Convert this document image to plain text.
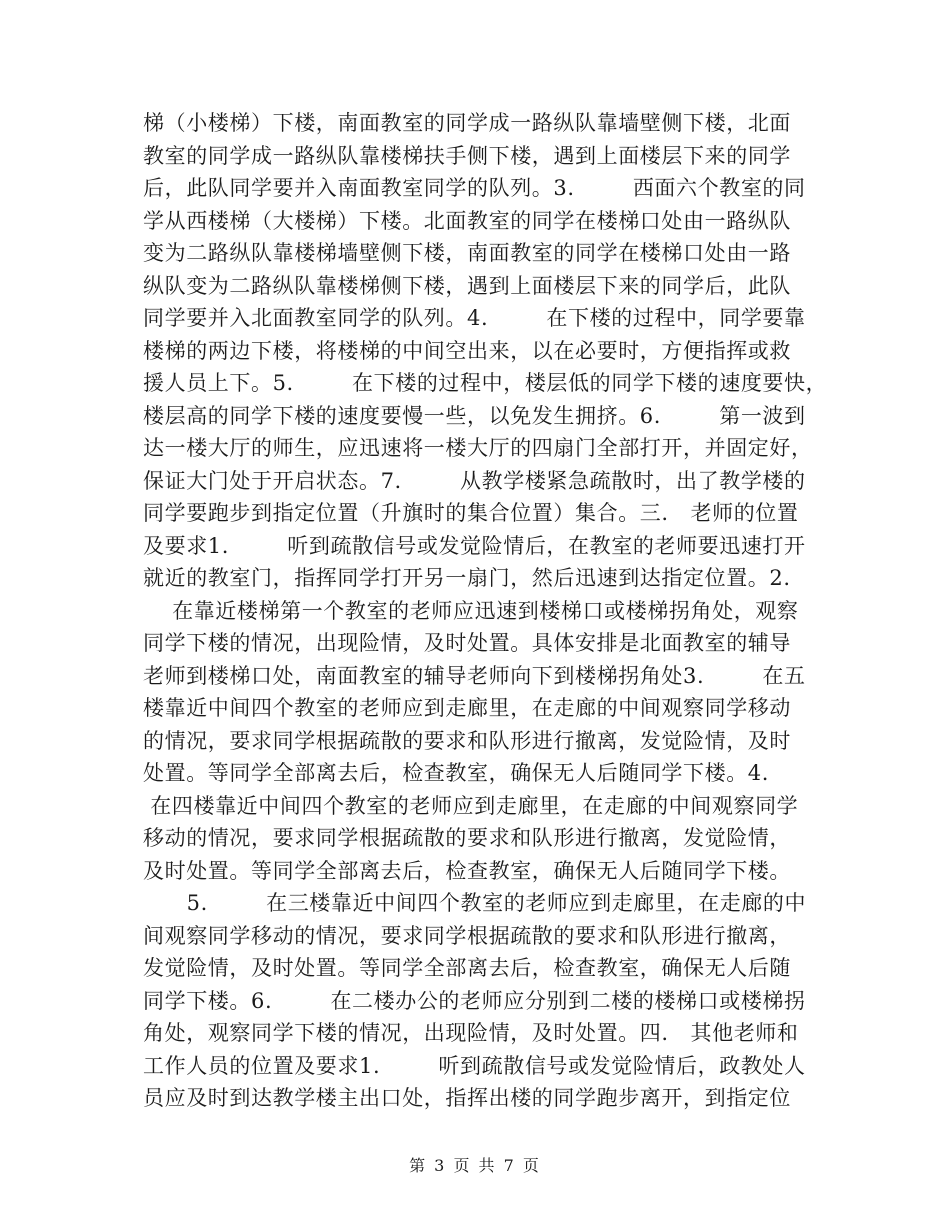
梯（小楼梯）下楼，南面教室的同学成一路纵队靠墙壁侧下楼，北面
教室的同学成一路纵队靠楼梯扶手侧下楼，遇到上面楼层下来的同学
后，此队同学要并入南面教室同学的队列。3.        西面六个教室的同
学从西楼梯（大楼梯）下楼。北面教室的同学在楼梯口处由一路纵队
变为二路纵队靠楼梯墙壁侧下楼，南面教室的同学在楼梯口处由一路
纵队变为二路纵队靠楼梯侧下楼，遇到上面楼层下来的同学后，此队
同学要并入北面教室同学的队列。4.        在下楼的过程中，同学要靠
楼梯的两边下楼，将楼梯的中间空出来，以在必要时，方便指挥或救
援人员上下。5.        在下楼的过程中，楼层低的同学下楼的速度要快，
楼层高的同学下楼的速度要慢一些，以免发生拥挤。6.        第一波到
达一楼大厅的师生，应迅速将一楼大厅的四扇门全部打开，并固定好，
保证大门处于开启状态。7.        从教学楼紧急疏散时，出了教学楼的
同学要跑步到指定位置（升旗时的集合位置）集合。三.   老师的位置
及要求1.        听到疏散信号或发觉险情后，在教室的老师要迅速打开
就近的教室门，指挥同学打开另一扇门，然后迅速到达指定位置。2.
在靠近楼梯第一个教室的老师应迅速到楼梯口或楼梯拐角处，观察
同学下楼的情况，出现险情，及时处置。具体安排是北面教室的辅导
老师到楼梯口处，南面教室的辅导老师向下到楼梯拐角处3.        在五
楼靠近中间四个教室的老师应到走廊里，在走廊的中间观察同学移动
的情况，要求同学根据疏散的要求和队形进行撤离，发觉险情，及时
处置。等同学全部离去后，检查教室，确保无人后随同学下楼。4.
在四楼靠近中间四个教室的老师应到走廊里，在走廊的中间观察同学
移动的情况，要求同学根据疏散的要求和队形进行撤离，发觉险情，
及时处置。等同学全部离去后，检查教室，确保无人后随同学下楼。
5.        在三楼靠近中间四个教室的老师应到走廊里，在走廊的中
间观察同学移动的情况，要求同学根据疏散的要求和队形进行撤离，
发觉险情，及时处置。等同学全部离去后，检查教室，确保无人后随
同学下楼。6.        在二楼办公的老师应分别到二楼的楼梯口或楼梯拐
角处，观察同学下楼的情况，出现险情，及时处置。四.   其他老师和
工作人员的位置及要求1.        听到疏散信号或发觉险情后，政教处人
员应及时到达教学楼主出口处，指挥出楼的同学跑步离开，到指定位
第 3 页 共 7 页
